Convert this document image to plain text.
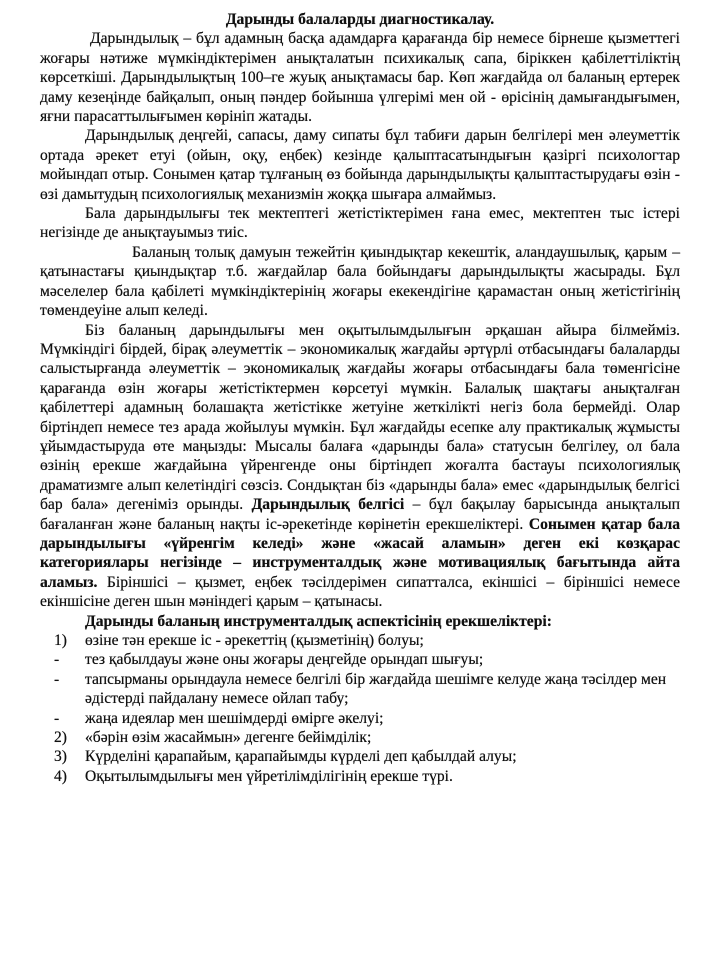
Дарынды балаларды диагностикалау.

Дарындылық – бұл адамның басқа адамдарға қарағанда бір немесе бірнеше қызметтегі жоғары нәтиже мүмкіндіктерімен анықталатын психикалық сапа, біріккен қабілеттіліктің көрсеткіші. Дарындылықтың 100–ге жуық анықтамасы бар. Көп жағдайда ол баланың ертерек даму кезеңінде байқалып, оның пәндер бойынша үлгерімі мен ой - өрісінің дамығандығымен, яғни парасаттылығымен көрініп жатады.

Дарындылық деңгейі, сапасы, даму сипаты бұл табиғи дарын белгілері мен әлеуметтік ортада әрекет етуі (ойын, оқу, еңбек) кезінде қалыптасатындығын қазіргі психологтар мойындап отыр. Сонымен қатар тұлғаның өз бойында дарындылықты қалыптастырудағы өзін - өзі дамытудың психологиялық механизмін жоққа шығара алмаймыз.

Бала дарындылығы тек мектептегі жетістіктерімен ғана емес, мектептен тыс істері негізінде де анықтауымыз тиіс.

Баланың толық дамуын тежейтін қиындықтар кекештік, аландаушылық, қарым – қатынастағы қиындықтар т.б. жағдайлар бала бойындағы дарындылықты жасырады. Бұл мәселелер бала қабілеті мүмкіндіктерінің жоғары екекендігіне қарамастан оның жетістігінің төмендеуіне алып келеді.

Біз баланың дарындылығы мен оқытылымдылығын әрқашан айыра білмейміз. Мүмкіндігі бірдей, бірақ әлеуметтік – экономикалық жағдайы әртүрлі отбасындағы балаларды салыстырғанда әлеуметтік – экономикалық жағдайы жоғары отбасындағы бала төменгісіне қарағанда өзін жоғары жетістіктермен көрсетуі мүмкін. Балалық шақтағы анықталған қабілеттері адамның болашақта жетістікке жетуіне жеткілікті негіз бола бермейді. Олар біртіндеп немесе тез арада жойылуы мүмкін. Бұл жағдайды есепке алу практикалық жұмысты ұйымдастыруда өте маңызды: Мысалы балаға «дарынды бала» статусын белгілеу, ол бала өзінің ерекше жағдайына үйренгенде оны біртіндеп жоғалта бастауы психологиялық драматизмге алып келетіндігі сөзсіз. Сондықтан біз «дарынды бала» емес «дарындылық белгісі бар бала» дегеніміз орынды. Дарындылық белгісі – бұл бақылау барысында анықталып бағаланған және баланың нақты іс-әрекетінде көрінетін ерекшеліктері. Сонымен қатар бала дарындылығы «үйренгім келеді» және «жасай аламын» деген екі көзқарас категориялары негізінде – инструменталдық және мотивациялық бағытында айта аламыз. Біріншісі – қызмет, еңбек тәсілдерімен сипатталса, екіншісі – біріншісі немесе екіншісіне деген шын мәніндегі қарым – қатынасы.

Дарынды баланың инструменталдық аспектісінің ерекшеліктері:
1) өзіне тән ерекше іс - әрекеттің (қызметінің) болуы;
- тез қабылдауы және оны жоғары деңгейде орындап шығуы;
- тапсырманы орындаула немесе белгілі бір жағдайда шешімге келуде жаңа тәсілдер мен әдістерді пайдалану немесе ойлап табу;
- жаңа идеялар мен шешімдерді өмірге әкелуі;
2) «бәрін өзім жасаймын» дегенге бейімділік;
3) Күрделіні қарапайым, қарапайымды күрделі деп қабылдай алуы;
4) Оқытылымдылығы мен үйретілімділігінің ерекше түрі.
